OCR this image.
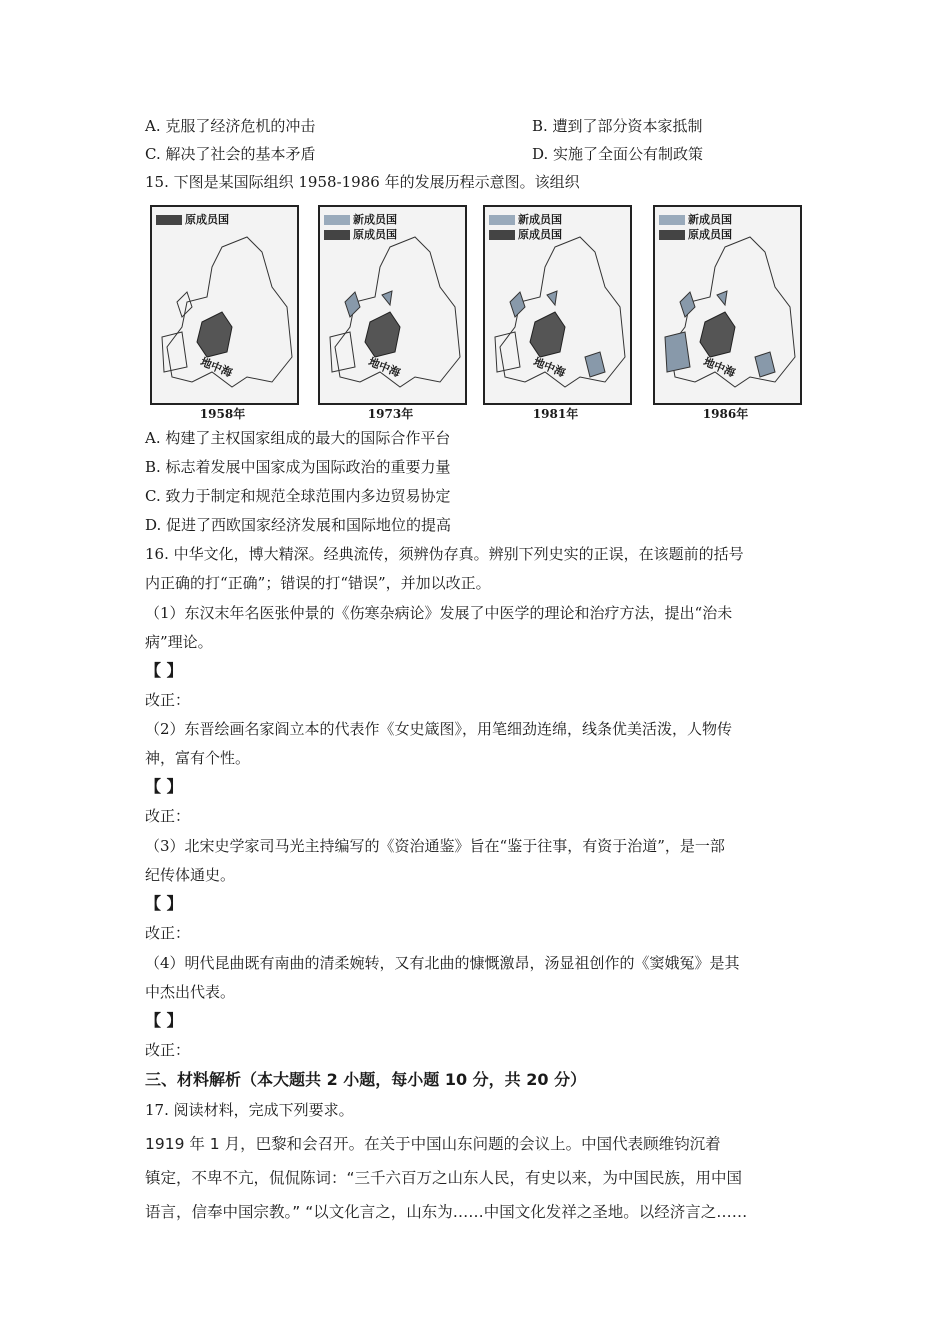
A. 克服了经济危机的冲击	B. 遭到了部分资本家抵制
C. 解决了社会的基本矛盾	D. 实施了全面公有制政策
15. 下图是某国际组织 1958-1986 年的发展历程示意图。该组织
原成员国
地中海
1958年
新成员国
原成员国
地中海
1973年
新成员国
原成员国
地中海
1981年
新成员国
原成员国
地中海
1986年
A. 构建了主权国家组成的最大的国际合作平台
B. 标志着发展中国家成为国际政治的重要力量
C. 致力于制定和规范全球范围内多边贸易协定
D. 促进了西欧国家经济发展和国际地位的提高
16. 中华文化，博大精深。经典流传，须辨伪存真。辨别下列史实的正误，在该题前的括号
内正确的打“正确”；错误的打“错误”，并加以改正。
（1）东汉末年名医张仲景的《伤寒杂病论》发展了中医学的理论和治疗方法，提出“治未
病”理论。
【 】
改正：
（2）东晋绘画名家阎立本的代表作《女史箴图》，用笔细劲连绵，线条优美活泼，人物传
神，富有个性。
【 】
改正：
（3）北宋史学家司马光主持编写的《资治通鉴》旨在“鉴于往事，有资于治道”，是一部
纪传体通史。
【 】
改正：
（4）明代昆曲既有南曲的清柔婉转，又有北曲的慷慨激昂，汤显祖创作的《窦娥冤》是其
中杰出代表。
【 】
改正：
三、材料解析（本大题共 2 小题，每小题 10 分，共 20 分）
17. 阅读材料，完成下列要求。
1919 年 1 月，巴黎和会召开。在关于中国山东问题的会议上。中国代表顾维钧沉着
镇定，不卑不亢，侃侃陈词：“三千六百万之山东人民，有史以来，为中国民族，用中国
语言，信奉中国宗教。” “以文化言之，山东为……中国文化发祥之圣地。以经济言之……
